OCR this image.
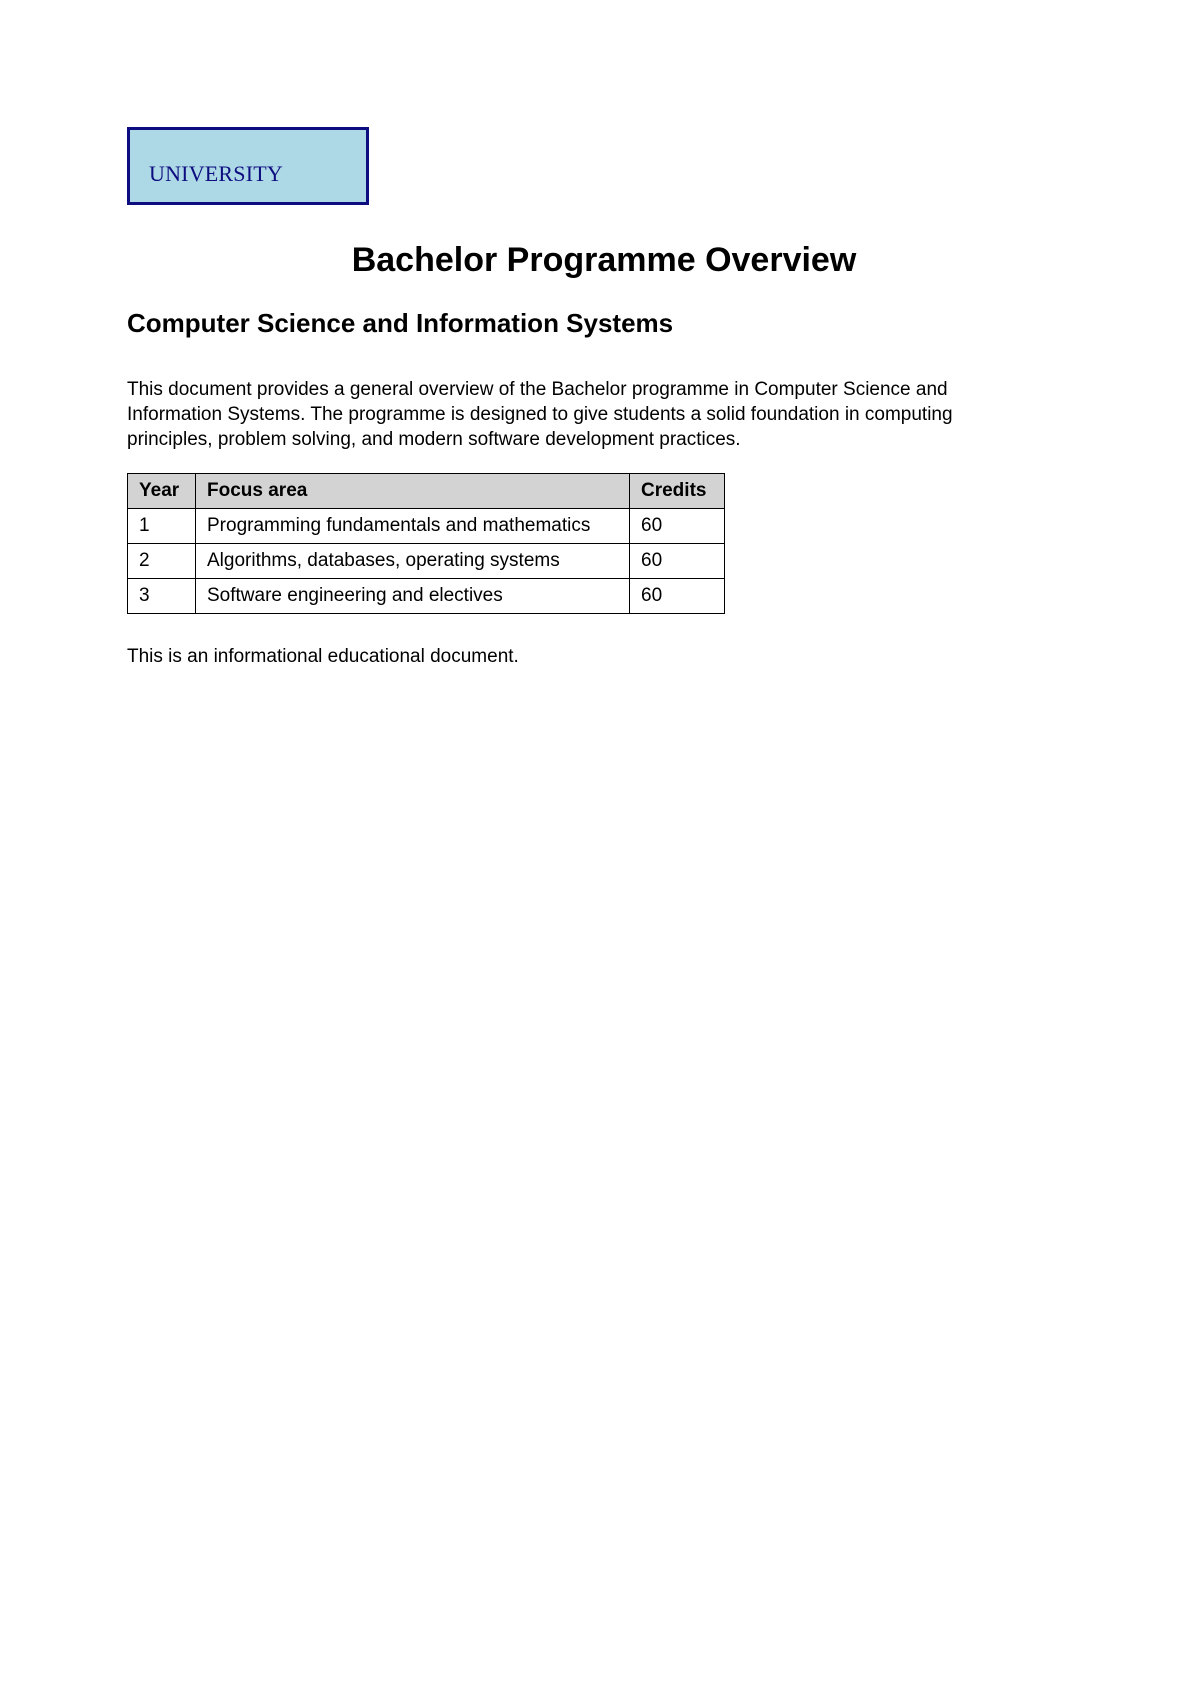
UNIVERSITY
Bachelor Programme Overview
Computer Science and Information Systems

This document provides a general overview of the Bachelor programme in Computer Science and Information Systems. The programme is designed to give students a solid foundation in computing principles, problem solving, and modern software development practices.

Year	Focus area	Credits
1	Programming fundamentals and mathematics	60
2	Algorithms, databases, operating systems	60
3	Software engineering and electives	60

This is an informational educational document.
